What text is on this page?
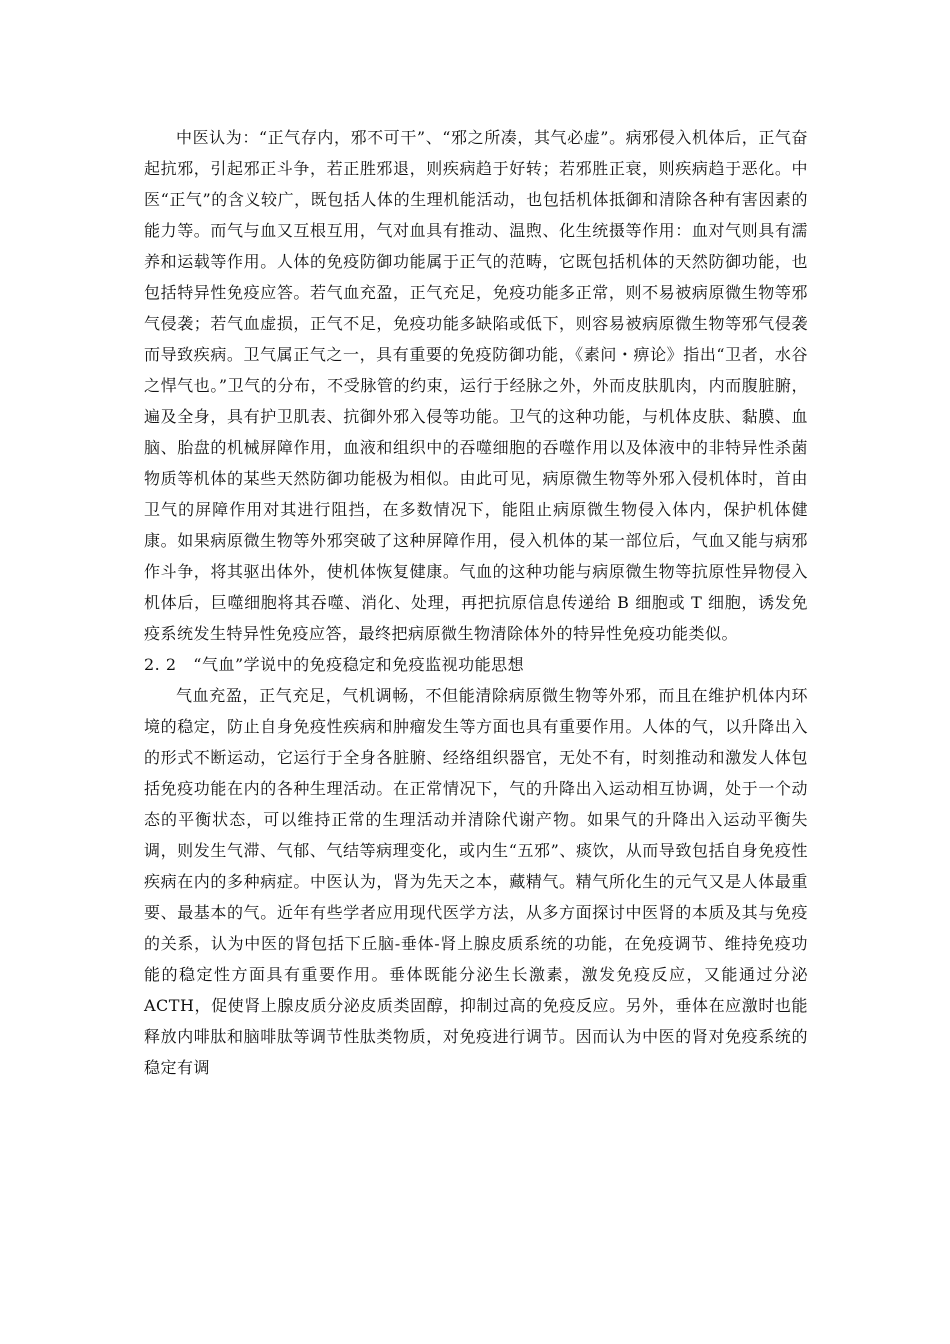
中医认为：“正气存内，邪不可干”、“邪之所凑，其气必虚”。病邪侵入机体后，正气奋起抗邪，引起邪正斗争，若正胜邪退，则疾病趋于好转；若邪胜正衰，则疾病趋于恶化。中医“正气”的含义较广，既包括人体的生理机能活动，也包括机体抵御和清除各种有害因素的能力等。而气与血又互根互用，气对血具有推动、温煦、化生统摄等作用：血对气则具有濡养和运载等作用。人体的免疫防御功能属于正气的范畴，它既包括机体的天然防御功能，也包括特异性免疫应答。若气血充盈，正气充足，免疫功能多正常，则不易被病原微生物等邪气侵袭；若气血虚损，正气不足，免疫功能多缺陷或低下，则容易被病原微生物等邪气侵袭而导致疾病。卫气属正气之一，具有重要的免疫防御功能，《素问・痹论》指出“卫者，水谷之悍气也。”卫气的分布，不受脉管的约束，运行于经脉之外，外而皮肤肌肉，内而腹脏腑，遍及全身，具有护卫肌表、抗御外邪入侵等功能。卫气的这种功能，与机体皮肤、黏膜、血脑、胎盘的机械屏障作用，血液和组织中的吞噬细胞的吞噬作用以及体液中的非特异性杀菌物质等机体的某些天然防御功能极为相似。由此可见，病原微生物等外邪入侵机体时，首由卫气的屏障作用对其进行阻挡，在多数情况下，能阻止病原微生物侵入体内，保护机体健康。如果病原微生物等外邪突破了这种屏障作用，侵入机体的某一部位后，气血又能与病邪作斗争，将其驱出体外，使机体恢复健康。气血的这种功能与病原微生物等抗原性异物侵入机体后，巨噬细胞将其吞噬、消化、处理，再把抗原信息传递给 B 细胞或 T 细胞，诱发免疫系统发生特异性免疫应答，最终把病原微生物清除体外的特异性免疫功能类似。

2. 2   “气血”学说中的免疫稳定和免疫监视功能思想

气血充盈，正气充足，气机调畅，不但能清除病原微生物等外邪，而且在维护机体内环境的稳定，防止自身免疫性疾病和肿瘤发生等方面也具有重要作用。人体的气，以升降出入的形式不断运动，它运行于全身各脏腑、经络组织器官，无处不有，时刻推动和激发人体包括免疫功能在内的各种生理活动。在正常情况下，气的升降出入运动相互协调，处于一个动态的平衡状态，可以维持正常的生理活动并清除代谢产物。如果气的升降出入运动平衡失调，则发生气滞、气郁、气结等病理变化，或内生“五邪”、痰饮，从而导致包括自身免疫性疾病在内的多种病症。中医认为，肾为先天之本，藏精气。精气所化生的元气又是人体最重要、最基本的气。近年有些学者应用现代医学方法，从多方面探讨中医肾的本质及其与免疫的关系，认为中医的肾包括下丘脑-垂体-肾上腺皮质系统的功能，在免疫调节、维持免疫功能的稳定性方面具有重要作用。垂体既能分泌生长激素，激发免疫反应，又能通过分泌 ACTH，促使肾上腺皮质分泌皮质类固醇，抑制过高的免疫反应。另外，垂体在应激时也能释放内啡肽和脑啡肽等调节性肽类物质，对免疫进行调节。因而认为中医的肾对免疫系统的稳定有调
